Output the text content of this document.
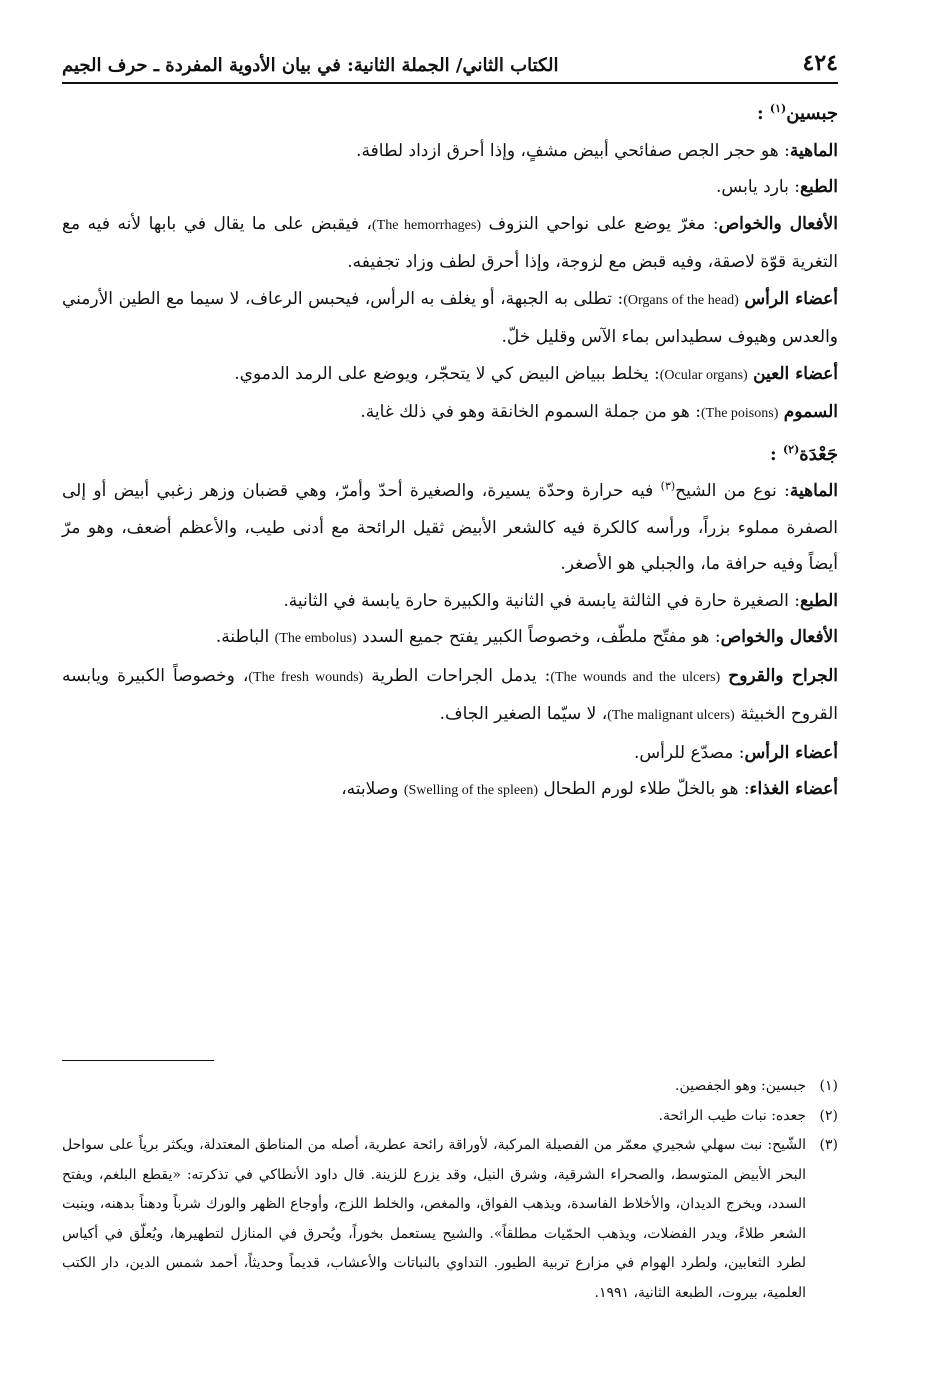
٤٢٤
الكتاب الثاني/ الجملة الثانية: في بيان الأدوية المفردة ـ حرف الجيم
جبسين$^{(١)}$ :

الماهية: هو حجر الجص صفائحي أبيض مشفٍ، وإذا أحرق ازداد لطافة.

الطبع: بارد يابس.

الأفعال والخواص: مغرّ يوضع على نواحي النزوف (The hemorrhages)، فيقبض على ما يقال في بابها لأنه فيه مع التغرية قوّة لاصقة، وفيه قبض مع لزوجة، وإذا أحرق لطف وزاد تجفيفه.

أعضاء الرأس (Organs of the head): تطلى به الجبهة، أو يغلف به الرأس، فيحبس الرعاف، لا سيما مع الطين الأرمني والعدس وهيوف سطيداس بماء الآس وقليل خلّ.

أعضاء العين (Ocular organs): يخلط ببياض البيض كي لا يتحجّر، ويوضع على الرمد الدموي.

السموم (The poisons): هو من جملة السموم الخانقة وهو في ذلك غاية.

جَعْدَة$^{(٢)}$ :

الماهية: نوع من الشيح$^{(٣)}$ فيه حرارة وحدّة يسيرة، والصغيرة أحدّ وأمرّ، وهي قضبان وزهر زغبي أبيض أو إلى الصفرة مملوء بزراً، ورأسه كالكرة فيه كالشعر الأبيض ثقيل الرائحة مع أدنى طيب، والأعظم أضعف، وهو مرّ أيضاً وفيه حرافة ما، والجبلي هو الأصغر.

الطبع: الصغيرة حارة في الثالثة يابسة في الثانية والكبيرة حارة يابسة في الثانية.

الأفعال والخواص: هو مفتّح ملطّف، وخصوصاً الكبير يفتح جميع السدد (The embolus) الباطنة.

الجراح والقروح (The wounds and the ulcers): يدمل الجراحات الطرية (The fresh wounds)، وخصوصاً الكبيرة ويابسه القروح الخبيثة (The malignant ulcers)، لا سيّما الصغير الجاف.

أعضاء الرأس: مصدّع للرأس.

أعضاء الغذاء: هو بالخلّ طلاء لورم الطحال (Swelling of the spleen) وصلابته،

(١)
جبسين: وهو الجفصين.

(٢)
جعده: نبات طيب الرائحة.

(٣)
الشّيح: نبت سهلي شجيري معمّر من الفصيلة المركبة، لأوراقة رائحة عطرية، أصله من المناطق المعتدلة، ويكثر برياً على سواحل البحر الأبيض المتوسط، والصحراء الشرقية، وشرق النيل، وقد يزرع للزينة. قال داود الأنطاكي في تذكرته: «يقطع البلغم، ويفتح السدد، ويخرج الديدان، والأخلاط الفاسدة، ويذهب الفواق، والمغص، والخلط اللزج، وأوجاع الظهر والورك شرباً ودهناً بدهنه، وينبت الشعر طلاءً، ويدر الفضلات، ويذهب الحمّيات مطلقاً». والشيح يستعمل بخوراً، ويُحرق في المنازل لتطهيرها، ويُعلّق في أكياس لطرد الثعابين، ولطرد الهوام في مزارع تربية الطيور. التداوي بالنباتات والأعشاب، قديماً وحديثاً، أحمد شمس الدين، دار الكتب العلمية، بيروت، الطبعة الثانية، ١٩٩١.
